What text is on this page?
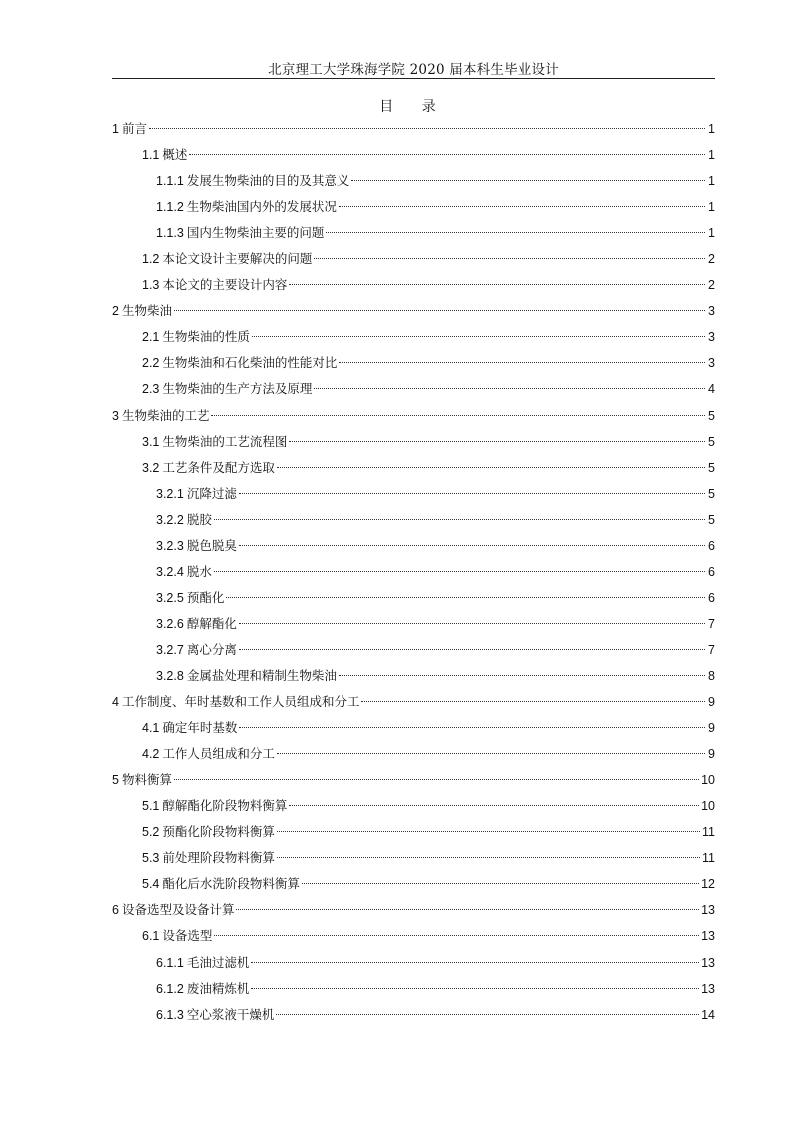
北京理工大学珠海学院 2020 届本科生毕业设计
目 录
1 前言	1
1.1 概述	1
1.1.1 发展生物柴油的目的及其意义	1
1.1.2 生物柴油国内外的发展状况	1
1.1.3 国内生物柴油主要的问题	1
1.2 本论文设计主要解决的问题	2
1.3 本论文的主要设计内容	2
2 生物柴油	3
2.1 生物柴油的性质	3
2.2 生物柴油和石化柴油的性能对比	3
2.3 生物柴油的生产方法及原理	4
3 生物柴油的工艺	5
3.1 生物柴油的工艺流程图	5
3.2 工艺条件及配方选取	5
3.2.1 沉降过滤	5
3.2.2 脱胶	5
3.2.3 脱色脱臭	6
3.2.4 脱水	6
3.2.5 预酯化	6
3.2.6 醇解酯化	7
3.2.7 离心分离	7
3.2.8 金属盐处理和精制生物柴油	8
4 工作制度、年时基数和工作人员组成和分工	9
4.1 确定年时基数	9
4.2 工作人员组成和分工	9
5 物料衡算	10
5.1 醇解酯化阶段物料衡算	10
5.2 预酯化阶段物料衡算	11
5.3 前处理阶段物料衡算	11
5.4 酯化后水洗阶段物料衡算	12
6 设备选型及设备计算	13
6.1 设备选型	13
6.1.1 毛油过滤机	13
6.1.2 废油精炼机	13
6.1.3 空心浆液干燥机	14
